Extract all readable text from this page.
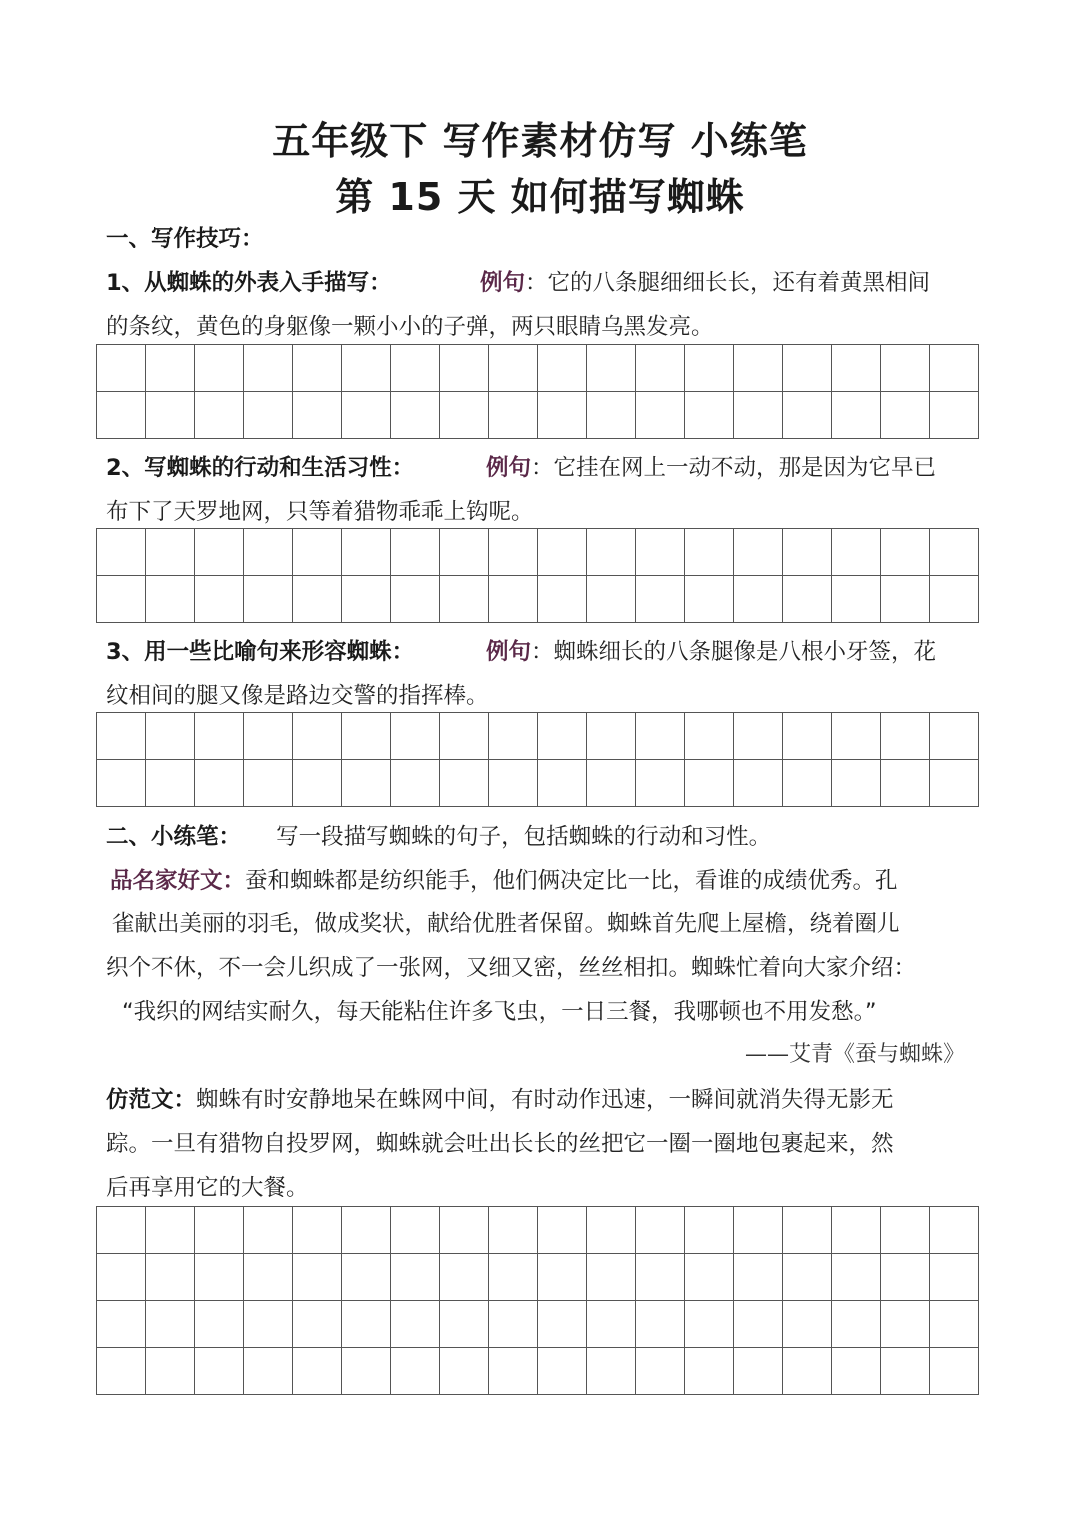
五年级下 写作素材仿写 小练笔
第 15 天 如何描写蜘蛛
一、写作技巧：
1、从蜘蛛的外表入手描写：	例句：它的八条腿细细长长，还有着黄黑相间
的条纹，黄色的身躯像一颗小小的子弹，两只眼睛乌黑发亮。

2、写蜘蛛的行动和生活习性：	例句：它挂在网上一动不动，那是因为它早已
布下了天罗地网，只等着猎物乖乖上钩呢。

3、用一些比喻句来形容蜘蛛：	例句：蜘蛛细长的八条腿像是八根小牙签，花
纹相间的腿又像是路边交警的指挥棒。

二、小练笔： 写一段描写蜘蛛的句子，包括蜘蛛的行动和习性。
品名家好文：蚕和蜘蛛都是纺织能手，他们俩决定比一比，看谁的成绩优秀。孔
雀献出美丽的羽毛，做成奖状，献给优胜者保留。蜘蛛首先爬上屋檐，绕着圈儿
织个不休，不一会儿织成了一张网，又细又密，丝丝相扣。蜘蛛忙着向大家介绍：
“我织的网结实耐久，每天能粘住许多飞虫，一日三餐，我哪顿也不用发愁。”
——艾青《蚕与蜘蛛》
仿范文：蜘蛛有时安静地呆在蛛网中间，有时动作迅速，一瞬间就消失得无影无
踪。一旦有猎物自投罗网，蜘蛛就会吐出长长的丝把它一圈一圈地包裹起来，然
后再享用它的大餐。
